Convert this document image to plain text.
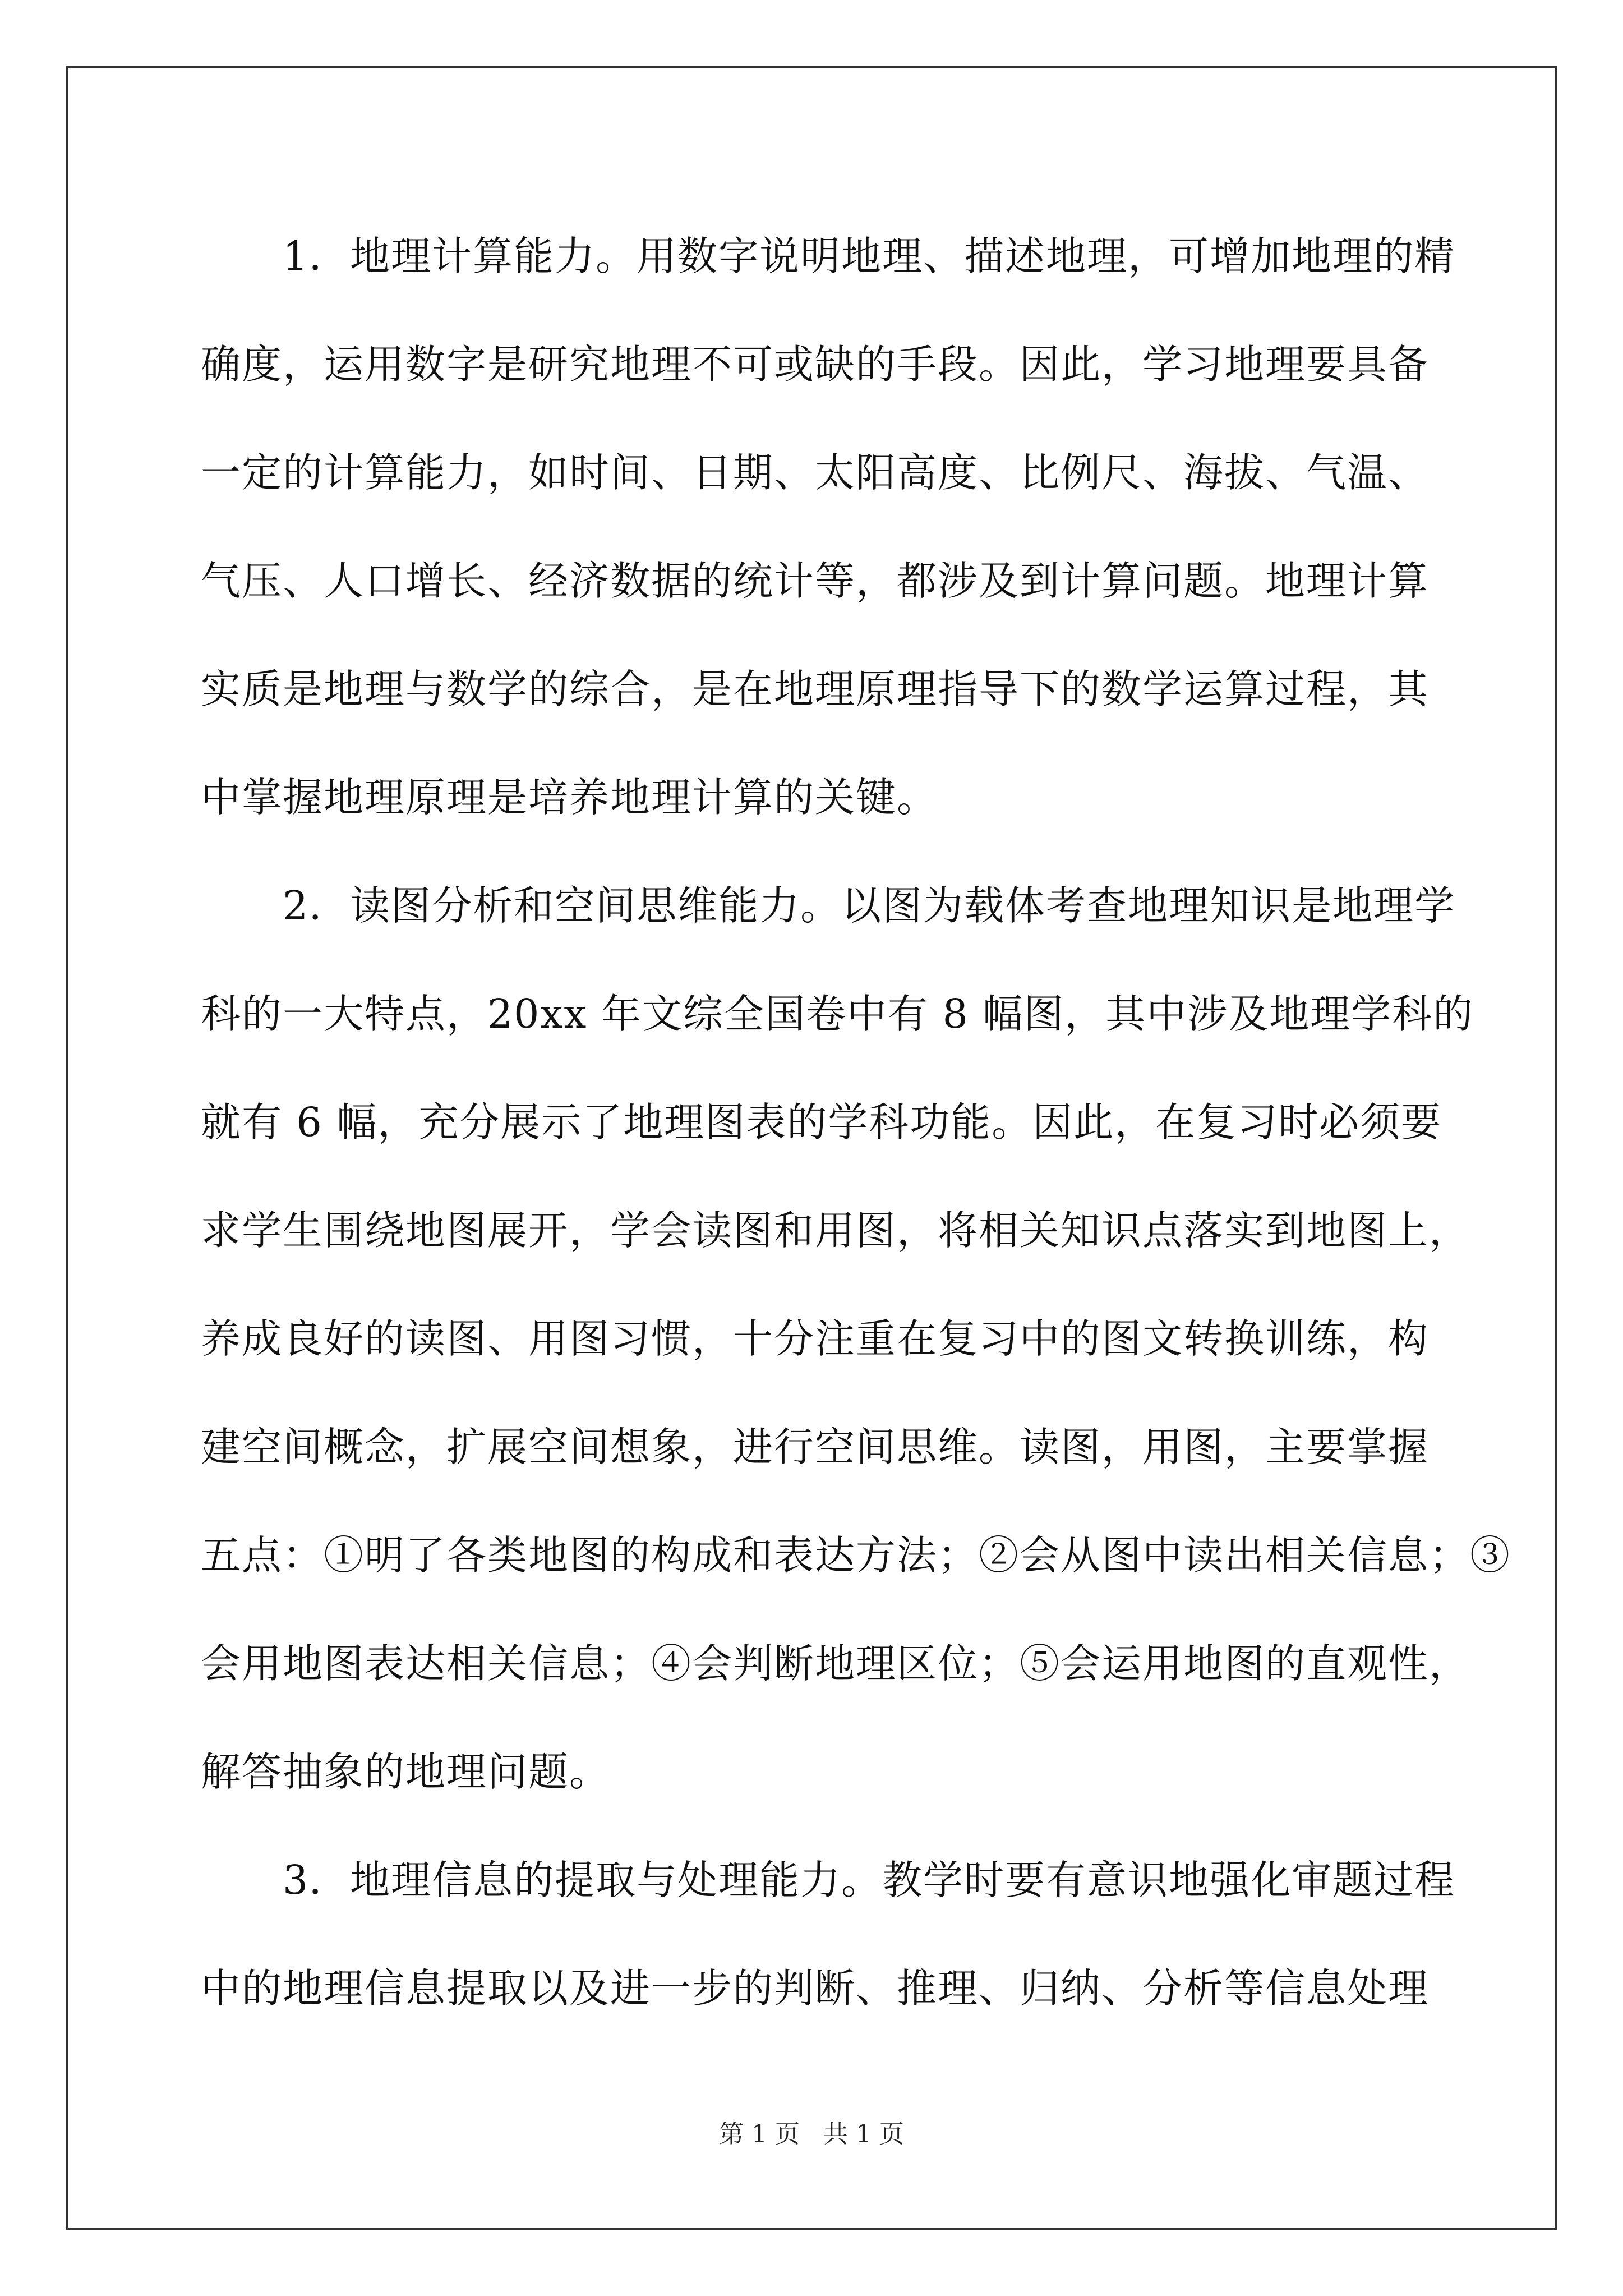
　　1．地理计算能力。用数字说明地理、描述地理，可增加地理的精
确度，运用数字是研究地理不可或缺的手段。因此，学习地理要具备
一定的计算能力，如时间、日期、太阳高度、比例尺、海拔、气温、
气压、人口增长、经济数据的统计等，都涉及到计算问题。地理计算
实质是地理与数学的综合，是在地理原理指导下的数学运算过程，其
中掌握地理原理是培养地理计算的关键。
　　2．读图分析和空间思维能力。以图为载体考查地理知识是地理学
科的一大特点，20xx 年文综全国卷中有 8 幅图，其中涉及地理学科的
就有 6 幅，充分展示了地理图表的学科功能。因此，在复习时必须要
求学生围绕地图展开，学会读图和用图，将相关知识点落实到地图上，
养成良好的读图、用图习惯，十分注重在复习中的图文转换训练，构
建空间概念，扩展空间想象，进行空间思维。读图，用图，主要掌握
五点：①明了各类地图的构成和表达方法；②会从图中读出相关信息；③
会用地图表达相关信息；④会判断地理区位；⑤会运用地图的直观性，
解答抽象的地理问题。
　　3．地理信息的提取与处理能力。教学时要有意识地强化审题过程
中的地理信息提取以及进一步的判断、推理、归纳、分析等信息处理
第 1 页   共 1 页
